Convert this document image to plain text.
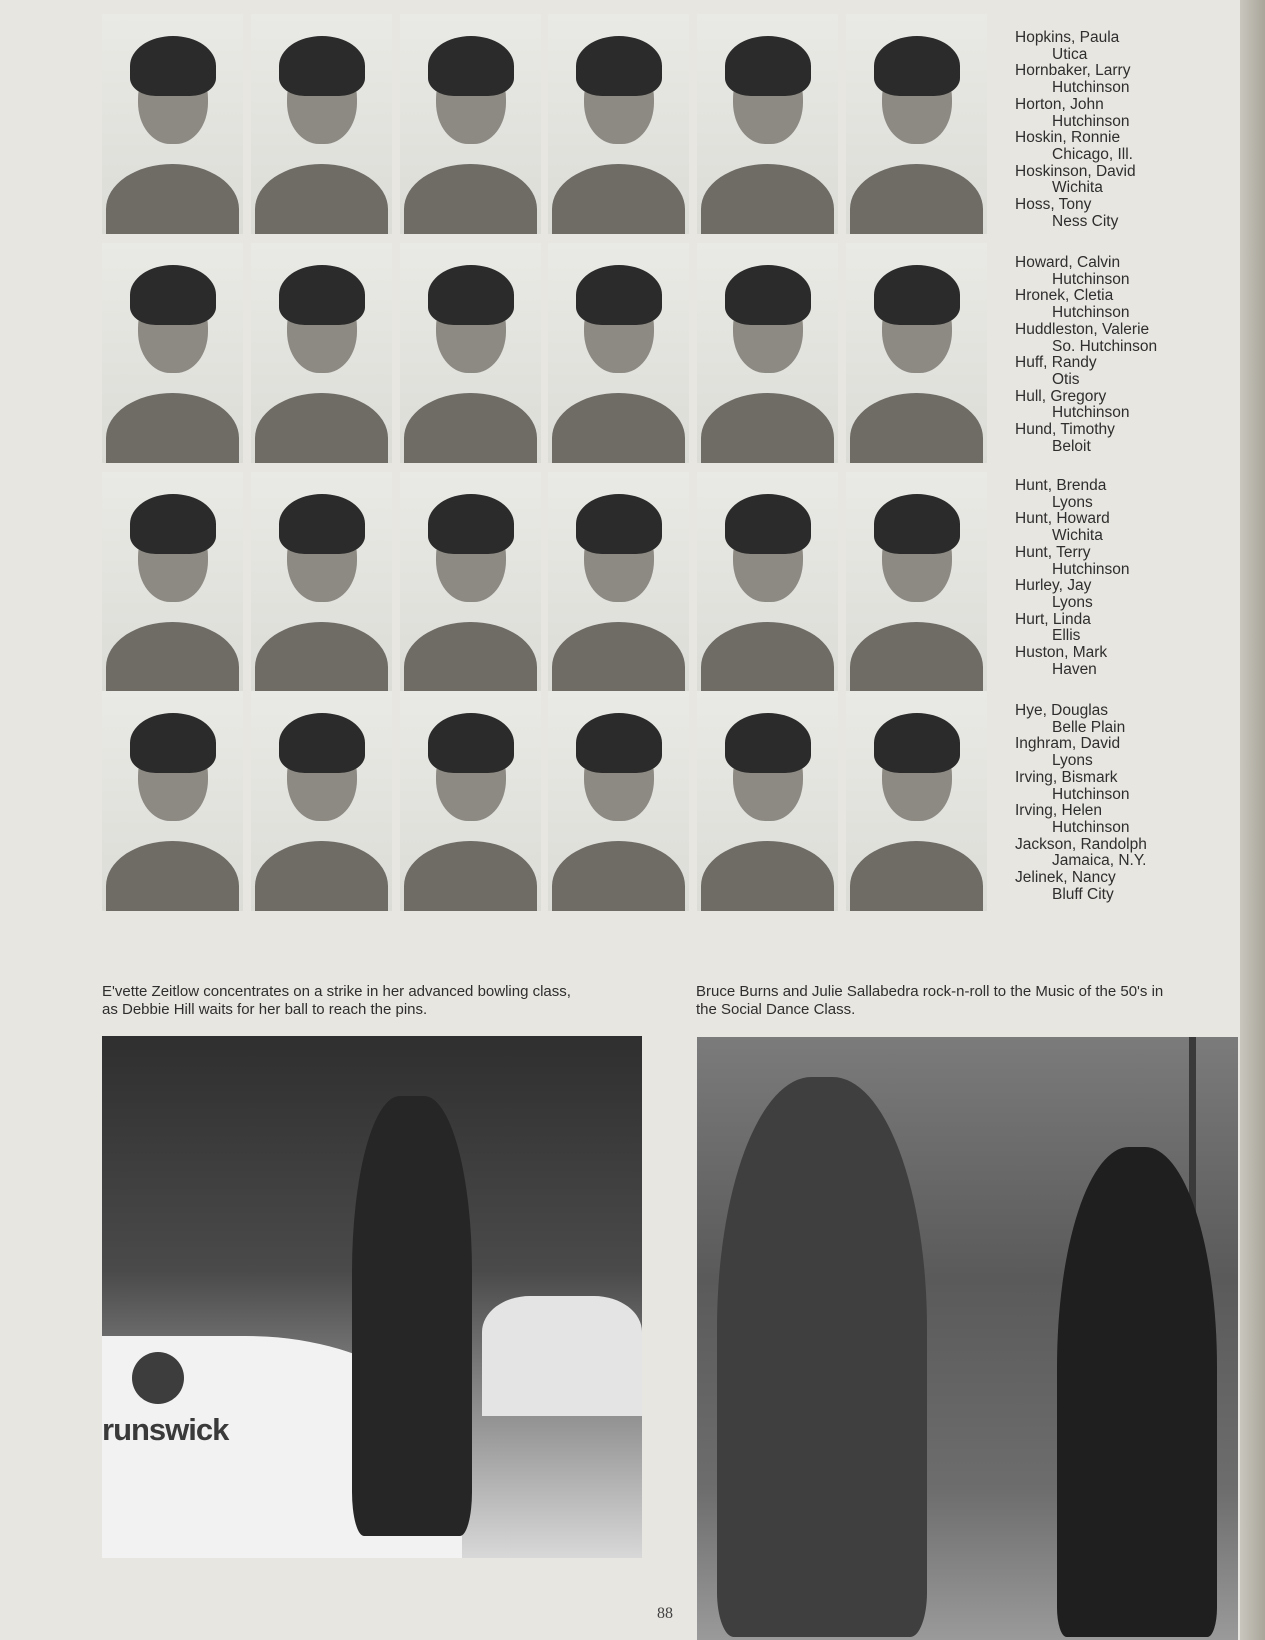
Hopkins, Paula
Utica
Hornbaker, Larry
Hutchinson
Horton, John
Hutchinson
Hoskin, Ronnie
Chicago, Ill.
Hoskinson, David
Wichita
Hoss, Tony
Ness City
Howard, Calvin
Hutchinson
Hronek, Cletia
Hutchinson
Huddleston, Valerie
So. Hutchinson
Huff, Randy
Otis
Hull, Gregory
Hutchinson
Hund, Timothy
Beloit
Hunt, Brenda
Lyons
Hunt, Howard
Wichita
Hunt, Terry
Hutchinson
Hurley, Jay
Lyons
Hurt, Linda
Ellis
Huston, Mark
Haven
Hye, Douglas
Belle Plain
Inghram, David
Lyons
Irving, Bismark
Hutchinson
Irving, Helen
Hutchinson
Jackson, Randolph
Jamaica, N.Y.
Jelinek, Nancy
Bluff City
E'vette Zeitlow concentrates on a strike in her advanced bowling class,
as Debbie Hill waits for her ball to reach the pins.
Bruce Burns and Julie Sallabedra rock-n-roll to the Music of the 50's in
the Social Dance Class.
runswick
88
